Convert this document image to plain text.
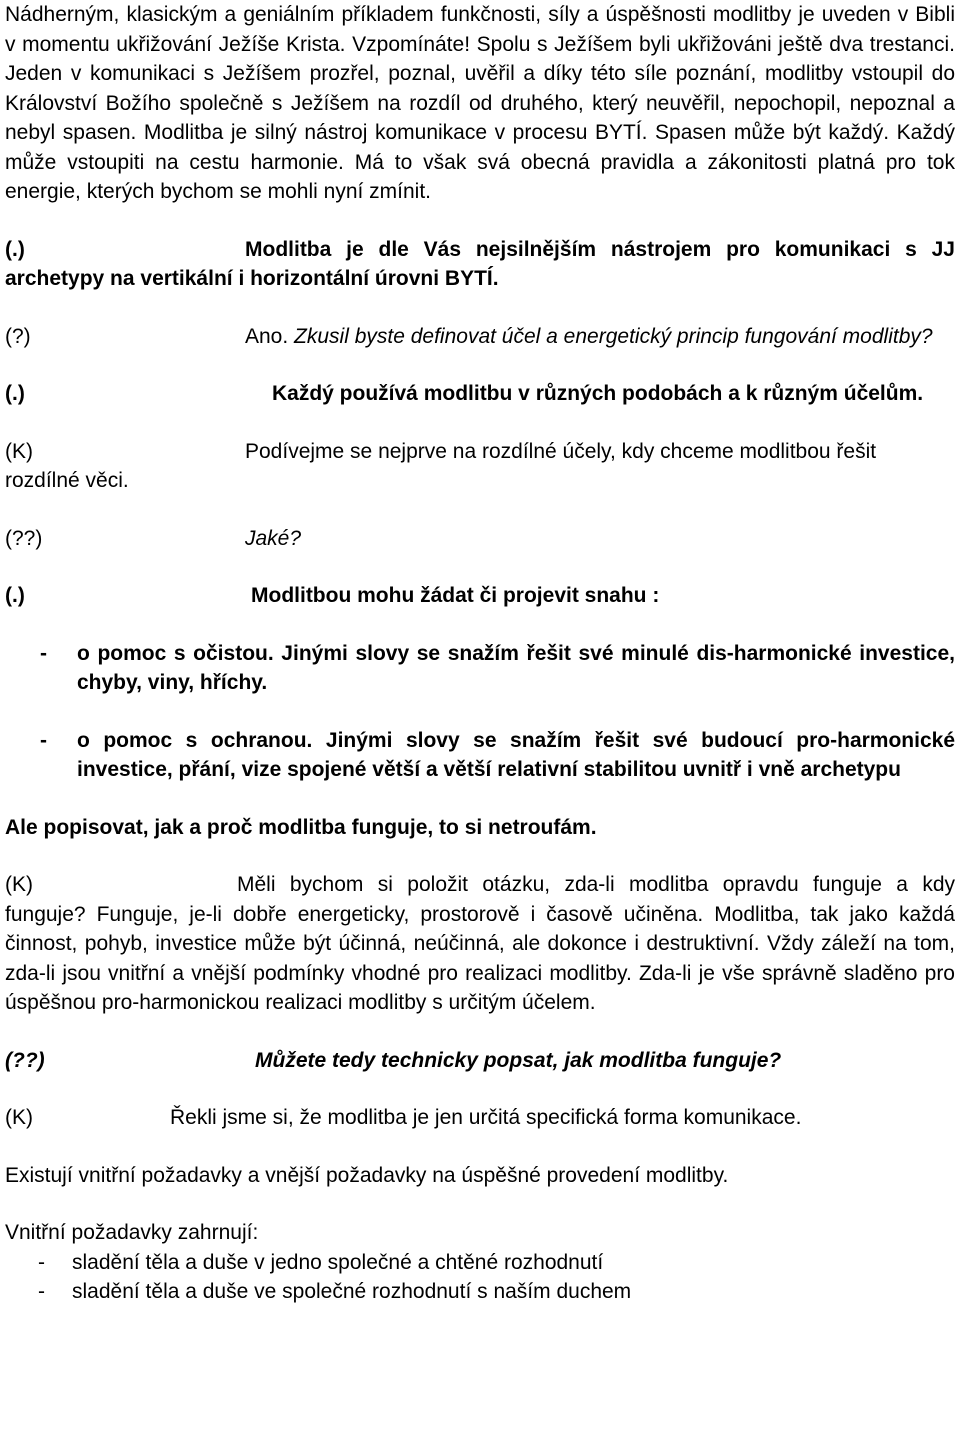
Nádherným, klasickým a geniálním příkladem funkčnosti, síly a úspěšnosti modlitby je uveden v Bibli v momentu ukřižování Ježíše Krista. Vzpomínáte! Spolu s Ježíšem byli ukřižováni ještě dva trestanci. Jeden v komunikaci s Ježíšem prozřel, poznal, uvěřil a díky této síle poznání, modlitby vstoupil do Království Božího společně s Ježíšem na rozdíl od druhého, který neuvěřil, nepochopil, nepoznal a nebyl spasen. Modlitba je silný nástroj komunikace v procesu BYTÍ. Spasen může být každý. Každý může vstoupiti na cestu harmonie. Má to však svá obecná pravidla a zákonitosti platná pro tok energie, kterých bychom se mohli nyní zmínit.

(.)	Modlitba je dle Vás nejsilnějším nástrojem pro komunikaci s JJ archetypy na vertikální i horizontální úrovni BYTÍ.

(?)	Ano. Zkusil byste definovat účel a energetický princip fungování modlitby?

(.)	Každý používá modlitbu v různých podobách a k různým účelům.

(K)	Podívejme se nejprve na rozdílné účely, kdy chceme modlitbou řešit rozdílné věci.

(??)	Jaké?

(.)	Modlitbou mohu žádat či projevit snahu :

-	o pomoc s očistou. Jinými slovy se snažím řešit své minulé dis-harmonické investice, chyby, viny, hříchy.
-	o pomoc s ochranou. Jinými slovy se snažím řešit své budoucí pro-harmonické investice, přání, vize spojené větší a větší relativní stabilitou uvnitř i vně archetypu

Ale popisovat, jak a proč modlitba funguje, to si netroufám.

(K)	Měli bychom si položit otázku, zda-li modlitba opravdu funguje a kdy funguje? Funguje, je-li dobře energeticky, prostorově i časově učiněna. Modlitba, tak jako každá činnost, pohyb, investice může být účinná, neúčinná, ale dokonce i destruktivní. Vždy záleží na tom, zda-li jsou vnitřní a vnější podmínky vhodné pro realizaci modlitby. Zda-li je vše správně sladěno pro úspěšnou pro-harmonickou realizaci modlitby s určitým účelem.

(??)	Můžete tedy technicky popsat, jak modlitba funguje?

(K)	Řekli jsme si, že modlitba je jen určitá specifická forma komunikace.

Existují vnitřní požadavky a vnější požadavky na úspěšné provedení modlitby.

Vnitřní požadavky zahrnují:

-	sladění těla a duše v jedno společné a chtěné rozhodnutí
-	sladění těla a duše ve společné rozhodnutí s naším duchem
